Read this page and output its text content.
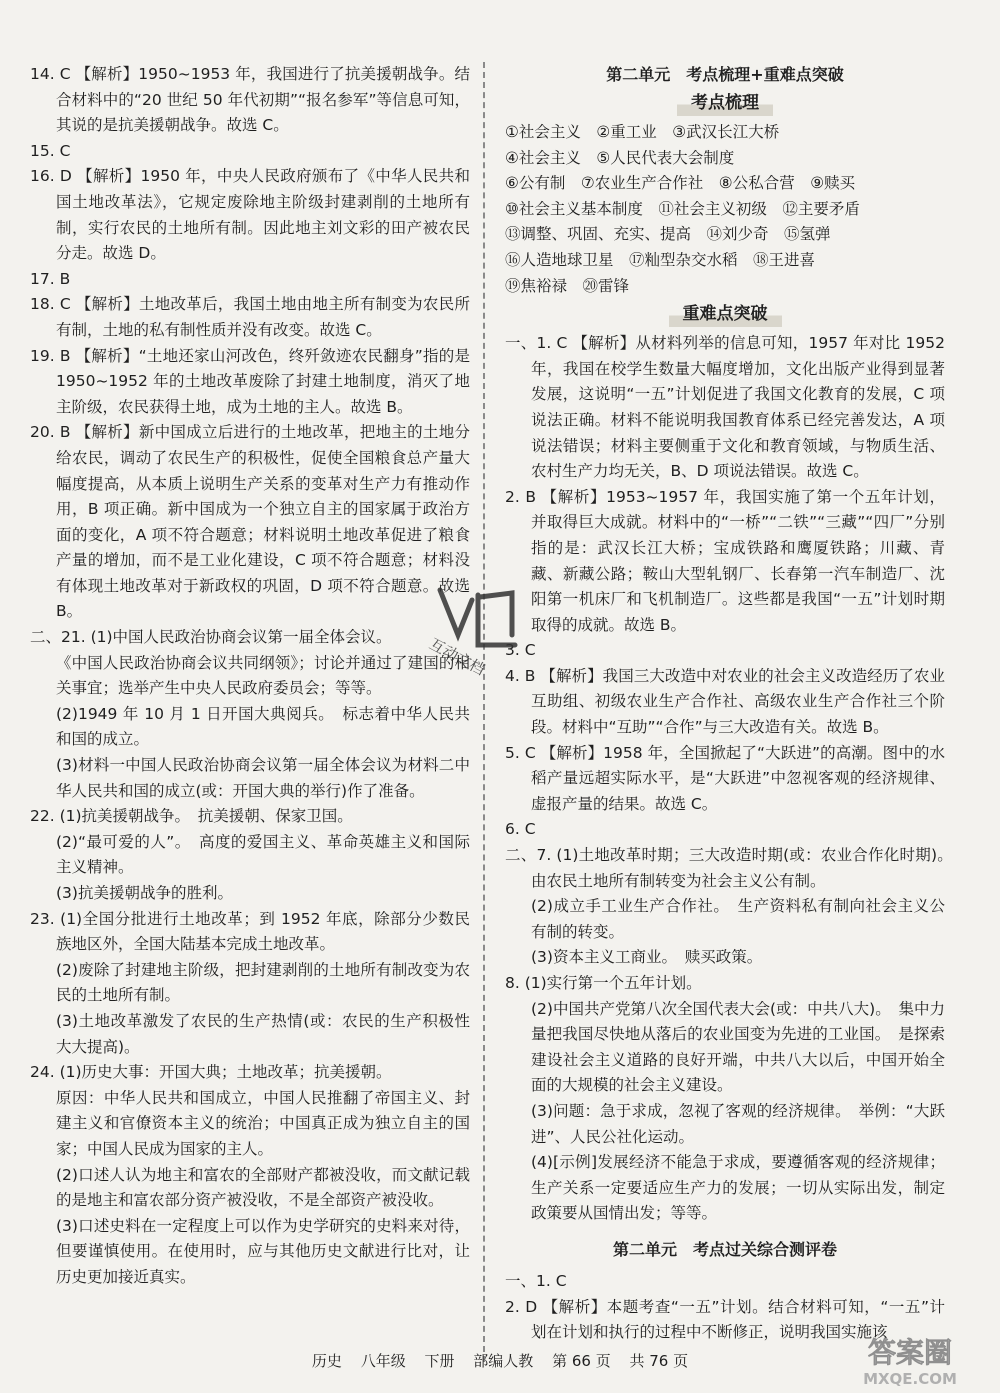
14. C 【解析】1950~1953 年，我国进行了抗美援朝战争。结合材料中的“20 世纪 50 年代初期”“报名参军”等信息可知，其说的是抗美援朝战争。故选 C。

15. C

16. D 【解析】1950 年，中央人民政府颁布了《中华人民共和国土地改革法》，它规定废除地主阶级封建剥削的土地所有制，实行农民的土地所有制。因此地主刘文彩的田产被农民分走。故选 D。

17. B

18. C 【解析】土地改革后，我国土地由地主所有制变为农民所有制，土地的私有制性质并没有改变。故选 C。

19. B 【解析】“土地还家山河改色，终歼敛迹农民翻身”指的是 1950~1952 年的土地改革废除了封建土地制度，消灭了地主阶级，农民获得土地，成为土地的主人。故选 B。

20. B 【解析】新中国成立后进行的土地改革，把地主的土地分给农民，调动了农民生产的积极性，促使全国粮食总产量大幅度提高，从本质上说明生产关系的变革对生产力有推动作用，B 项正确。新中国成为一个独立自主的国家属于政治方面的变化，A 项不符合题意；材料说明土地改革促进了粮食产量的增加，而不是工业化建设，C 项不符合题意；材料没有体现土地改革对于新政权的巩固，D 项不符合题意。故选 B。

二、21. (1)中国人民政治协商会议第一届全体会议。

《中国人民政治协商会议共同纲领》；讨论并通过了建国的相关事宜；选举产生中央人民政府委员会；等等。

(2)1949 年 10 月 1 日开国大典阅兵。　标志着中华人民共和国的成立。

(3)材料一中国人民政治协商会议第一届全体会议为材料二中华人民共和国的成立(或：开国大典的举行)作了准备。

22. (1)抗美援朝战争。　抗美援朝、保家卫国。

(2)“最可爱的人”。　高度的爱国主义、革命英雄主义和国际主义精神。

(3)抗美援朝战争的胜利。

23. (1)全国分批进行土地改革；到 1952 年底，除部分少数民族地区外，全国大陆基本完成土地改革。

(2)废除了封建地主阶级，把封建剥削的土地所有制改变为农民的土地所有制。

(3)土地改革激发了农民的生产热情(或：农民的生产积极性大大提高)。

24. (1)历史大事：开国大典；土地改革；抗美援朝。

原因：中华人民共和国成立，中国人民推翻了帝国主义、封建主义和官僚资本主义的统治；中国真正成为独立自主的国家；中国人民成为国家的主人。

(2)口述人认为地主和富农的全部财产都被没收，而文献记载的是地主和富农部分资产被没收，不是全部资产被没收。

(3)口述史料在一定程度上可以作为史学研究的史料来对待，但要谨慎使用。在使用时，应与其他历史文献进行比对，让历史更加接近真实。

第二单元　考点梳理+重难点突破

考点梳理

①社会主义　②重工业　③武汉长江大桥

④社会主义　⑤人民代表大会制度

⑥公有制　⑦农业生产合作社　⑧公私合营　⑨赎买

⑩社会主义基本制度　⑪社会主义初级　⑫主要矛盾

⑬调整、巩固、充实、提高　⑭刘少奇　⑮氢弹

⑯人造地球卫星　⑰籼型杂交水稻　⑱王进喜

⑲焦裕禄　⑳雷锋

重难点突破

一、1. C 【解析】从材料列举的信息可知，1957 年对比 1952 年，我国在校学生数量大幅度增加，文化出版产业得到显著发展，这说明“一五”计划促进了我国文化教育的发展，C 项说法正确。材料不能说明我国教育体系已经完善发达，A 项说法错误；材料主要侧重于文化和教育领域，与物质生活、农村生产力均无关，B、D 项说法错误。故选 C。

2. B 【解析】1953~1957 年，我国实施了第一个五年计划，并取得巨大成就。材料中的“一桥”“二铁”“三藏”“四厂”分别指的是：武汉长江大桥；宝成铁路和鹰厦铁路；川藏、青藏、新藏公路；鞍山大型轧钢厂、长春第一汽车制造厂、沈阳第一机床厂和飞机制造厂。这些都是我国“一五”计划时期取得的成就。故选 B。

3. C

4. B 【解析】我国三大改造中对农业的社会主义改造经历了农业互助组、初级农业生产合作社、高级农业生产合作社三个阶段。材料中“互助”“合作”与三大改造有关。故选 B。

5. C 【解析】1958 年，全国掀起了“大跃进”的高潮。图中的水稻产量远超实际水平，是“大跃进”中忽视客观的经济规律、虚报产量的结果。故选 C。

6. C

二、7. (1)土地改革时期；三大改造时期(或：农业合作化时期)。　由农民土地所有制转变为社会主义公有制。

(2)成立手工业生产合作社。　生产资料私有制向社会主义公有制的转变。

(3)资本主义工商业。　赎买政策。

8. (1)实行第一个五年计划。

(2)中国共产党第八次全国代表大会(或：中共八大)。　集中力量把我国尽快地从落后的农业国变为先进的工业国。　是探索建设社会主义道路的良好开端，中共八大以后，中国开始全面的大规模的社会主义建设。

(3)问题：急于求成，忽视了客观的经济规律。　举例：“大跃进”、人民公社化运动。

(4)[示例]发展经济不能急于求成，要遵循客观的经济规律；生产关系一定要适应生产力的发展；一切从实际出发，制定政策要从国情出发；等等。

第二单元　考点过关综合测评卷

一、1. C

2. D 【解析】本题考查“一五”计划。结合材料可知，“一五”计划在计划和执行的过程中不断修正，说明我国实施该

互动文档
答案圈
MXQE.COM
历史 八年级 下册 部编人教 第 66 页 共 76 页
